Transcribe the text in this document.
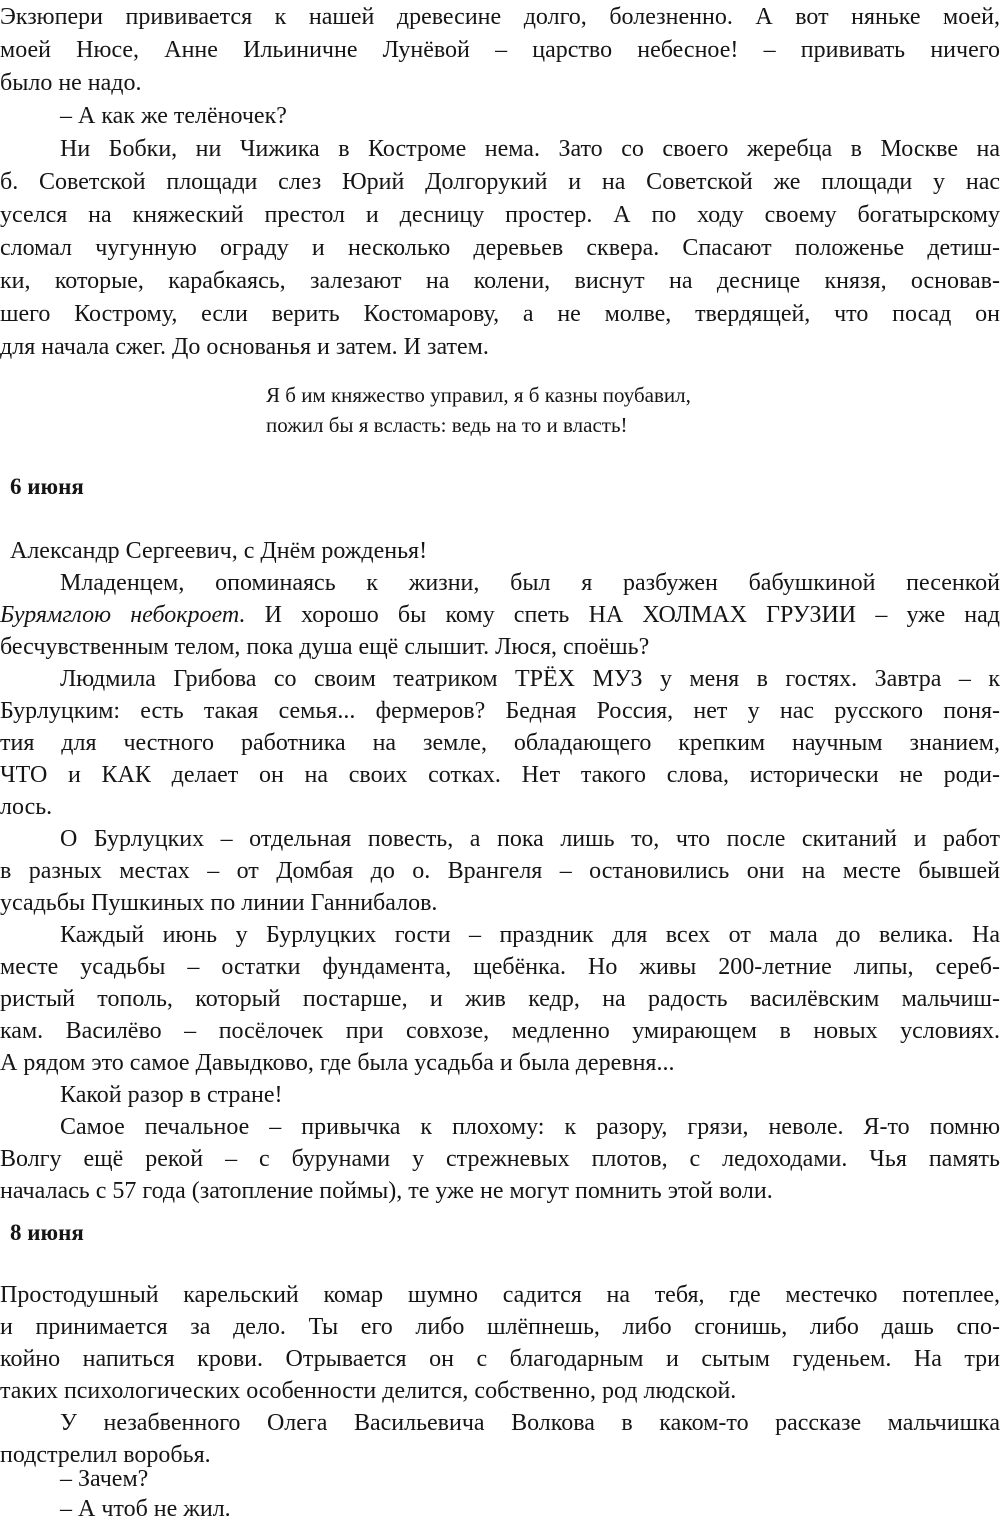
Экзюпери прививается к нашей древесине долго, болезненно. А вот няньке моей,
моей Нюсе, Анне Ильиничне Лунёвой – царство небесное! – прививать ничего
было не надо.
– А как же телёночек?
Ни Бобки, ни Чижика в Костроме нема. Зато со своего жеребца в Москве на
б. Советской площади слез Юрий Долгорукий и на Советской же площади у нас
уселся на княжеский престол и десницу простер. А по ходу своему богатырскому
сломал чугунную ограду и несколько деревьев сквера. Спасают положенье детиш-
ки, которые, карабкаясь, залезают на колени, виснут на деснице князя, основав-
шего Кострому, если верить Костомарову, а не молве, твердящей, что посад он
для начала сжег. До основанья и затем. И затем.
Я б им княжество управил, я б казны поубавил,
пожил бы я всласть: ведь на то и власть!
6 июня
Александр Сергеевич, с Днём рожденья!
Младенцем, опоминаясь к жизни, был я разбужен бабушкиной песенкой
Бурямглою небокроет. И хорошо бы кому спеть НА ХОЛМАХ ГРУЗИИ – уже над
бесчувственным телом, пока душа ещё слышит. Люся, споёшь?
Людмила Грибова со своим театриком ТРЁХ МУЗ у меня в гостях. Завтра – к
Бурлуцким: есть такая семья... фермеров? Бедная Россия, нет у нас русского поня-
тия для честного работника на земле, обладающего крепким научным знанием,
ЧТО и КАК делает он на своих сотках. Нет такого слова, исторически не роди-
лось.
О Бурлуцких – отдельная повесть, а пока лишь то, что после скитаний и работ
в разных местах – от Домбая до о. Врангеля – остановились они на месте бывшей
усадьбы Пушкиных по линии Ганнибалов.
Каждый июнь у Бурлуцких гости – праздник для всех от мала до велика. На
месте усадьбы – остатки фундамента, щебёнка. Но живы 200-летние липы, сереб-
ристый тополь, который постарше, и жив кедр, на радость василёвским мальчиш-
кам. Василёво – посёлочек при совхозе, медленно умирающем в новых условиях.
А рядом это самое Давыдково, где была усадьба и была деревня...
Какой разор в стране!
Самое печальное – привычка к плохому: к разору, грязи, неволе. Я-то помню
Волгу ещё рекой – с бурунами у стрежневых плотов, с ледоходами. Чья память
началась с 57 года (затопление поймы), те уже не могут помнить этой воли.
8 июня
Простодушный карельский комар шумно садится на тебя, где местечко потеплее,
и принимается за дело. Ты его либо шлёпнешь, либо сгонишь, либо дашь спо-
койно напиться крови. Отрывается он с благодарным и сытым гуденьем. На три
таких психологических особенности делится, собственно, род людской.
У незабвенного Олега Васильевича Волкова в каком-то рассказе мальчишка
подстрелил воробья.
– Зачем?
– А чтоб не жил.
